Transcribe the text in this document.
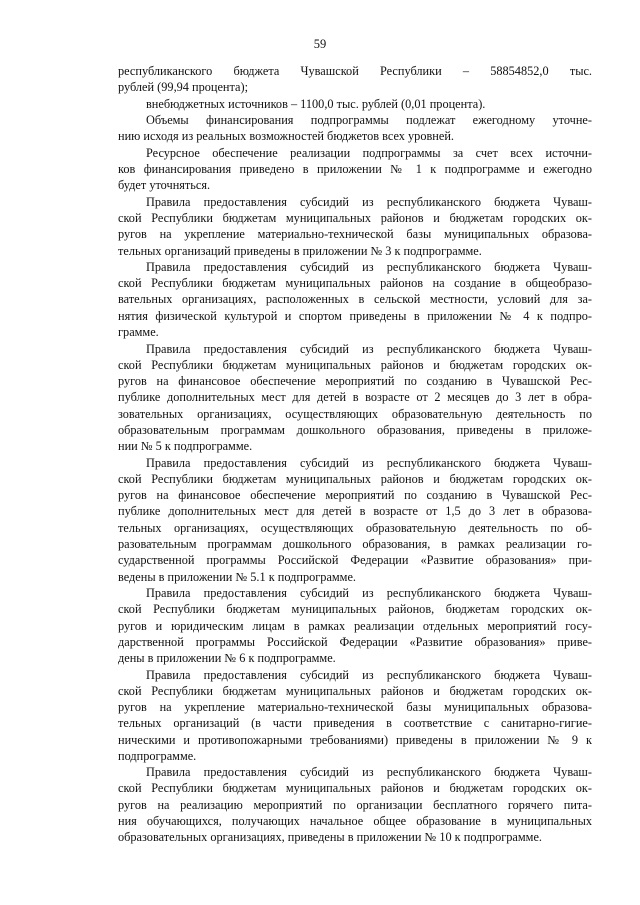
59
республиканского бюджета Чувашской Республики – 58854852,0 тыс.
рублей (99,94 процента);
внебюджетных источников – 1100,0 тыс. рублей (0,01 процента).
Объемы финансирования подпрограммы подлежат ежегодному уточне-
нию исходя из реальных возможностей бюджетов всех уровней.
Ресурсное обеспечение реализации подпрограммы за счет всех источни-
ков финансирования приведено в приложении № 1 к подпрограмме и ежегодно
будет уточняться.
Правила предоставления субсидий из республиканского бюджета Чуваш-
ской Республики бюджетам муниципальных районов и бюджетам городских ок-
ругов на укрепление материально-технической базы муниципальных образова-
тельных организаций приведены в приложении № 3 к подпрограмме.
Правила предоставления субсидий из республиканского бюджета Чуваш-
ской Республики бюджетам муниципальных районов на создание в общеобразо-
вательных организациях, расположенных в сельской местности, условий для за-
нятия физической культурой и спортом приведены в приложении № 4 к подпро-
грамме.
Правила предоставления субсидий из республиканского бюджета Чуваш-
ской Республики бюджетам муниципальных районов и бюджетам городских ок-
ругов на финансовое обеспечение мероприятий по созданию в Чувашской Рес-
публике дополнительных мест для детей в возрасте от 2 месяцев до 3 лет в обра-
зовательных организациях, осуществляющих образовательную деятельность по
образовательным программам дошкольного образования, приведены в приложе-
нии № 5 к подпрограмме.
Правила предоставления субсидий из республиканского бюджета Чуваш-
ской Республики бюджетам муниципальных районов и бюджетам городских ок-
ругов на финансовое обеспечение мероприятий по созданию в Чувашской Рес-
публике дополнительных мест для детей в возрасте от 1,5 до 3 лет в образова-
тельных организациях, осуществляющих образовательную деятельность по об-
разовательным программам дошкольного образования, в рамках реализации го-
сударственной программы Российской Федерации «Развитие образования» при-
ведены в приложении № 5.1 к подпрограмме.
Правила предоставления субсидий из республиканского бюджета Чуваш-
ской Республики бюджетам муниципальных районов, бюджетам городских ок-
ругов и юридическим лицам в рамках реализации отдельных мероприятий госу-
дарственной программы Российской Федерации «Развитие образования» приве-
дены в приложении № 6 к подпрограмме.
Правила предоставления субсидий из республиканского бюджета Чуваш-
ской Республики бюджетам муниципальных районов и бюджетам городских ок-
ругов на укрепление материально-технической базы муниципальных образова-
тельных организаций (в части приведения в соответствие с санитарно-гигие-
ническими и противопожарными требованиями) приведены в приложении № 9 к
подпрограмме.
Правила предоставления субсидий из республиканского бюджета Чуваш-
ской Республики бюджетам муниципальных районов и бюджетам городских ок-
ругов на реализацию мероприятий по организации бесплатного горячего пита-
ния обучающихся, получающих начальное общее образование в муниципальных
образовательных организациях, приведены в приложении № 10 к подпрограмме.
